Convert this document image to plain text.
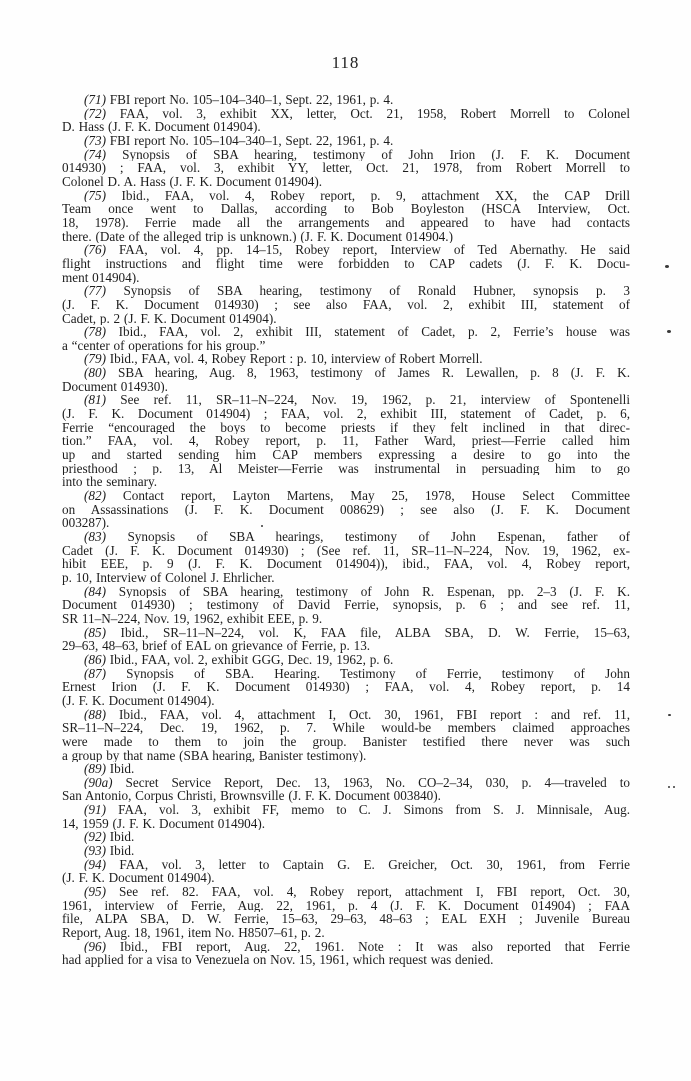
118
(71) FBI report No. 105–104–340–1, Sept. 22, 1961, p. 4.
(72) FAA, vol. 3, exhibit XX, letter, Oct. 21, 1958, Robert Morrell to Colonel
D. Hass (J. F. K. Document 014904).
(73) FBI report No. 105–104–340–1, Sept. 22, 1961, p. 4.
(74) Synopsis of SBA hearing, testimony of John Irion (J. F. K. Document
014930) ; FAA, vol. 3, exhibit YY, letter, Oct. 21, 1978, from Robert Morrell to
Colonel D. A. Hass (J. F. K. Document 014904).
(75) Ibid., FAA, vol. 4, Robey report, p. 9, attachment XX, the CAP Drill
Team once went to Dallas, according to Bob Boyleston (HSCA Interview, Oct.
18, 1978). Ferrie made all the arrangements and appeared to have had contacts
there. (Date of the alleged trip is unknown.) (J. F. K. Document 014904.)
(76) FAA, vol. 4, pp. 14–15, Robey report, Interview of Ted Abernathy. He said
flight instructions and flight time were forbidden to CAP cadets (J. F. K. Docu-
ment 014904).
(77) Synopsis of SBA hearing, testimony of Ronald Hubner, synopsis p. 3
(J. F. K. Document 014930) ; see also FAA, vol. 2, exhibit III, statement of
Cadet, p. 2 (J. F. K. Document 014904).
(78) Ibid., FAA, vol. 2, exhibit III, statement of Cadet, p. 2, Ferrie’s house was
a “center of operations for his group.”
(79) Ibid., FAA, vol. 4, Robey Report : p. 10, interview of Robert Morrell.
(80) SBA hearing, Aug. 8, 1963, testimony of James R. Lewallen, p. 8 (J. F. K.
Document 014930).
(81) See ref. 11, SR–11–N–224, Nov. 19, 1962, p. 21, interview of Spontenelli
(J. F. K. Document 014904) ; FAA, vol. 2, exhibit III, statement of Cadet, p. 6,
Ferrie “encouraged the boys to become priests if they felt inclined in that direc-
tion.” FAA, vol. 4, Robey report, p. 11, Father Ward, priest—Ferrie called him
up and started sending him CAP members expressing a desire to go into the
priesthood ; p. 13, Al Meister—Ferrie was instrumental in persuading him to go
into the seminary.
(82) Contact report, Layton Martens, May 25, 1978, House Select Committee
on Assassinations (J. F. K. Document 008629) ; see also (J. F. K. Document
003287).
(83) Synopsis of SBA hearings, testimony of John Espenan, father of
Cadet (J. F. K. Document 014930) ; (See ref. 11, SR–11–N–224, Nov. 19, 1962, ex-
hibit EEE, p. 9 (J. F. K. Document 014904)), ibid., FAA, vol. 4, Robey report,
p. 10, Interview of Colonel J. Ehrlicher.
(84) Synopsis of SBA hearing, testimony of John R. Espenan, pp. 2–3 (J. F. K.
Document 014930) ; testimony of David Ferrie, synopsis, p. 6 ; and see ref. 11,
SR 11–N–224, Nov. 19, 1962, exhibit EEE, p. 9.
(85) Ibid., SR–11–N–224, vol. K, FAA file, ALBA SBA, D. W. Ferrie, 15–63,
29–63, 48–63, brief of EAL on grievance of Ferrie, p. 13.
(86) Ibid., FAA, vol. 2, exhibit GGG, Dec. 19, 1962, p. 6.
(87) Synopsis of SBA. Hearing. Testimony of Ferrie, testimony of John
Ernest Irion (J. F. K. Document 014930) ; FAA, vol. 4, Robey report, p. 14
(J. F. K. Document 014904).
(88) Ibid., FAA, vol. 4, attachment I, Oct. 30, 1961, FBI report : and ref. 11,
SR–11–N–224, Dec. 19, 1962, p. 7. While would-be members claimed approaches
were made to them to join the group. Banister testified there never was such
a group by that name (SBA hearing, Banister testimony).
(89) Ibid.
(90a) Secret Service Report, Dec. 13, 1963, No. CO–2–34, 030, p. 4—traveled to
San Antonio, Corpus Christi, Brownsville (J. F. K. Document 003840).
(91) FAA, vol. 3, exhibit FF, memo to C. J. Simons from S. J. Minnisale, Aug.
14, 1959 (J. F. K. Document 014904).
(92) Ibid.
(93) Ibid.
(94) FAA, vol. 3, letter to Captain G. E. Greicher, Oct. 30, 1961, from Ferrie
(J. F. K. Document 014904).
(95) See ref. 82. FAA, vol. 4, Robey report, attachment I, FBI report, Oct. 30,
1961, interview of Ferrie, Aug. 22, 1961, p. 4 (J. F. K. Document 014904) ; FAA
file, ALPA SBA, D. W. Ferrie, 15–63, 29–63, 48–63 ; EAL EXH ; Juvenile Bureau
Report, Aug. 18, 1961, item No. H8507–61, p. 2.
(96) Ibid., FBI report, Aug. 22, 1961. Note : It was also reported that Ferrie
had applied for a visa to Venezuela on Nov. 15, 1961, which request was denied.
